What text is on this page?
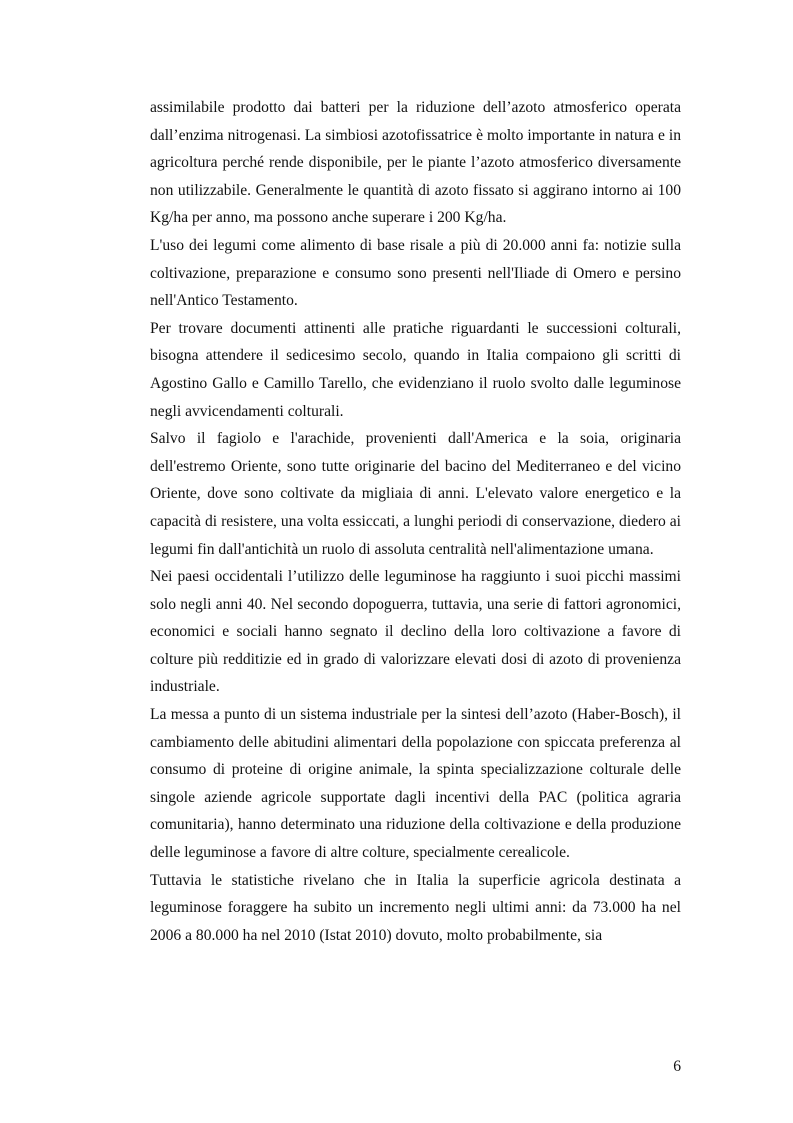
assimilabile prodotto dai batteri per la riduzione dell’azoto atmosferico operata dall’enzima nitrogenasi. La simbiosi azotofissatrice è molto importante in natura e in agricoltura perché rende disponibile, per le piante l’azoto atmosferico diversamente non utilizzabile. Generalmente le quantità di azoto fissato si aggirano intorno ai 100 Kg/ha per anno, ma possono anche superare i 200 Kg/ha.

L'uso dei legumi come alimento di base risale a più di 20.000 anni fa: notizie sulla coltivazione, preparazione e consumo sono presenti nell'Iliade di Omero e persino nell'Antico Testamento.

Per trovare documenti attinenti alle pratiche riguardanti le successioni colturali, bisogna attendere il sedicesimo secolo, quando in Italia compaiono gli scritti di Agostino Gallo e Camillo Tarello, che evidenziano il ruolo svolto dalle leguminose negli avvicendamenti colturali.

Salvo il fagiolo e l'arachide, provenienti dall'America e la soia, originaria dell'estremo Oriente, sono tutte originarie del bacino del Mediterraneo e del vicino Oriente, dove sono coltivate da migliaia di anni. L'elevato valore energetico e la capacità di resistere, una volta essiccati, a lunghi periodi di conservazione, diedero ai legumi fin dall'antichità un ruolo di assoluta centralità nell'alimentazione umana.

Nei paesi occidentali l’utilizzo delle leguminose ha raggiunto i suoi picchi massimi solo negli anni 40. Nel secondo dopoguerra, tuttavia, una serie di fattori agronomici, economici e sociali hanno segnato il declino della loro coltivazione a favore di colture più redditizie ed in grado di valorizzare elevati dosi di azoto di provenienza industriale.

La messa a punto di un sistema industriale per la sintesi dell’azoto (Haber-Bosch), il cambiamento delle abitudini alimentari della popolazione con spiccata preferenza al consumo di proteine di origine animale, la spinta specializzazione colturale delle singole aziende agricole supportate dagli incentivi della PAC (politica agraria comunitaria), hanno determinato una riduzione della coltivazione e della produzione delle leguminose a favore di altre colture, specialmente cerealicole.

Tuttavia le statistiche rivelano che in Italia la superficie agricola destinata a leguminose foraggere ha subito un incremento negli ultimi anni: da 73.000 ha nel 2006 a 80.000 ha nel 2010 (Istat 2010) dovuto, molto probabilmente, sia

6
